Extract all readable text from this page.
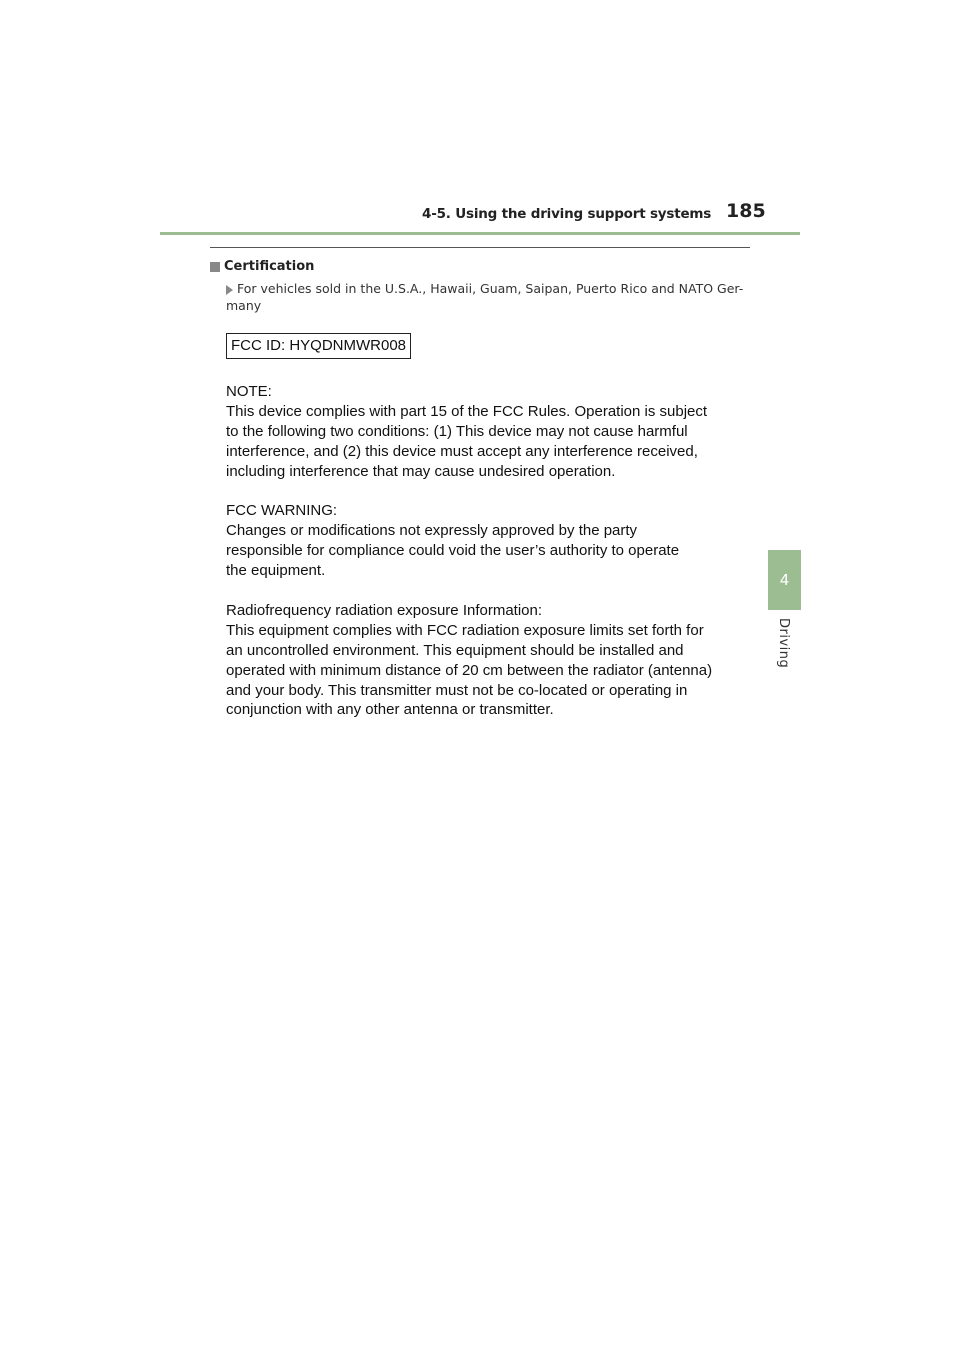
4-5. Using the driving support systems 185
4
Driving
Certification
For vehicles sold in the U.S.A., Hawaii, Guam, Saipan, Puerto Rico and NATO Ger-
many
FCC ID: HYQDNMWR008

NOTE:

This device complies with part 15 of the FCC Rules. Operation is subject
to the following two conditions: (1) This device may not cause harmful
interference, and (2) this device must accept any interference received,
including interference that may cause undesired operation.

FCC WARNING:

Changes or modifications not expressly approved by the party
responsible for compliance could void the user’s authority to operate
the equipment.

Radiofrequency radiation exposure Information:

This equipment complies with FCC radiation exposure limits set forth for
an uncontrolled environment. This equipment should be installed and
operated with minimum distance of 20 cm between the radiator (antenna)
and your body. This transmitter must not be co-located or operating in
conjunction with any other antenna or transmitter.
